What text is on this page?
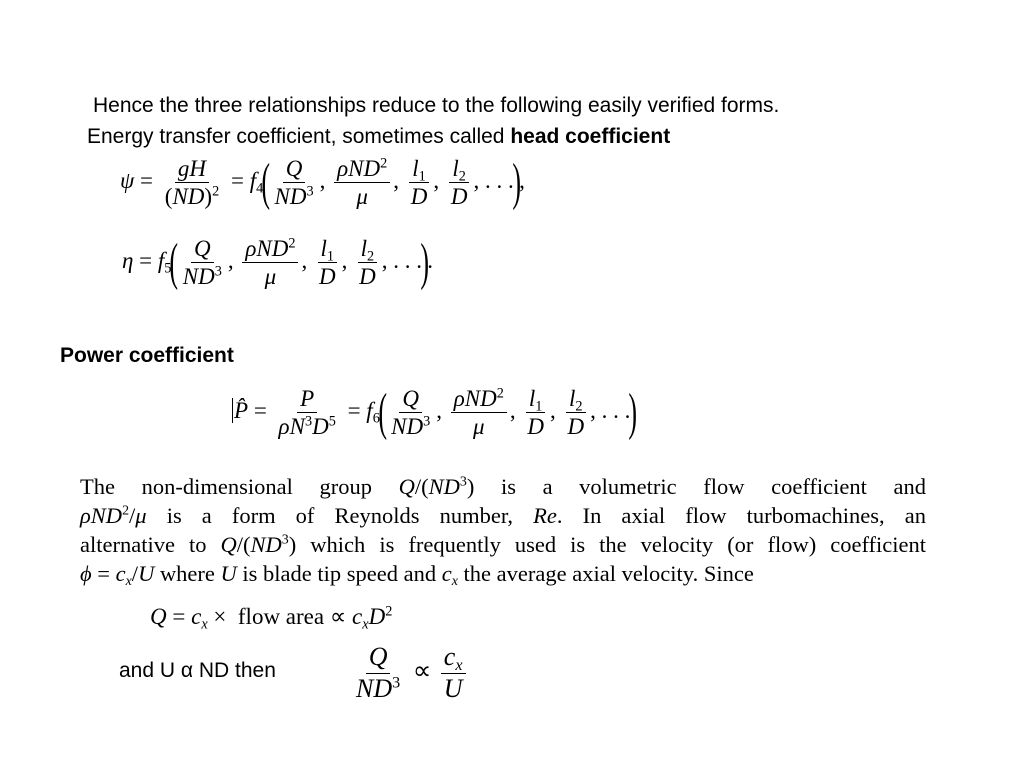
Hence the three relationships reduce to the following easily verified forms.
Energy transfer coefficient, sometimes called head coefficient
$\psi = \frac{gH}{(ND)^2} = f_4( \frac{Q}{ND^3}$ , $\frac{\rho ND^2}{\mu}$ , $\frac{l_1}{D}$ , $\frac{l_2}{D}$ , . . .),
$\eta = f_5( \frac{Q}{ND^3}$ , $\frac{\rho ND^2}{\mu}$ , $\frac{l_1}{D}$ , $\frac{l_2}{D}$ , . . .).
Power coefficient
P̂ = $\frac{P}{\rho N^3D^5} = f_6( \frac{Q}{ND^3}$ , $\frac{\rho ND^2}{\mu}$ , $\frac{l_1}{D}$ , $\frac{l_2}{D}$ , . . .)
The non-dimensional group $Q/(ND^3)$ is a volumetric flow coefficient and
ρND$^2$/μ is a form of Reynolds number, Re. In axial flow turbomachines, an
alternative to $Q/(ND^3)$ which is frequently used is the velocity (or flow) coefficient
$\phi = c_x/U$ where U is blade tip speed and $c_x$ the average axial velocity. Since
$Q = c_x$ ×  flow area ∝ $c_xD^2$
and U α ND then	$\frac{Q}{ND^3} \propto \frac{c_x}{U}$
